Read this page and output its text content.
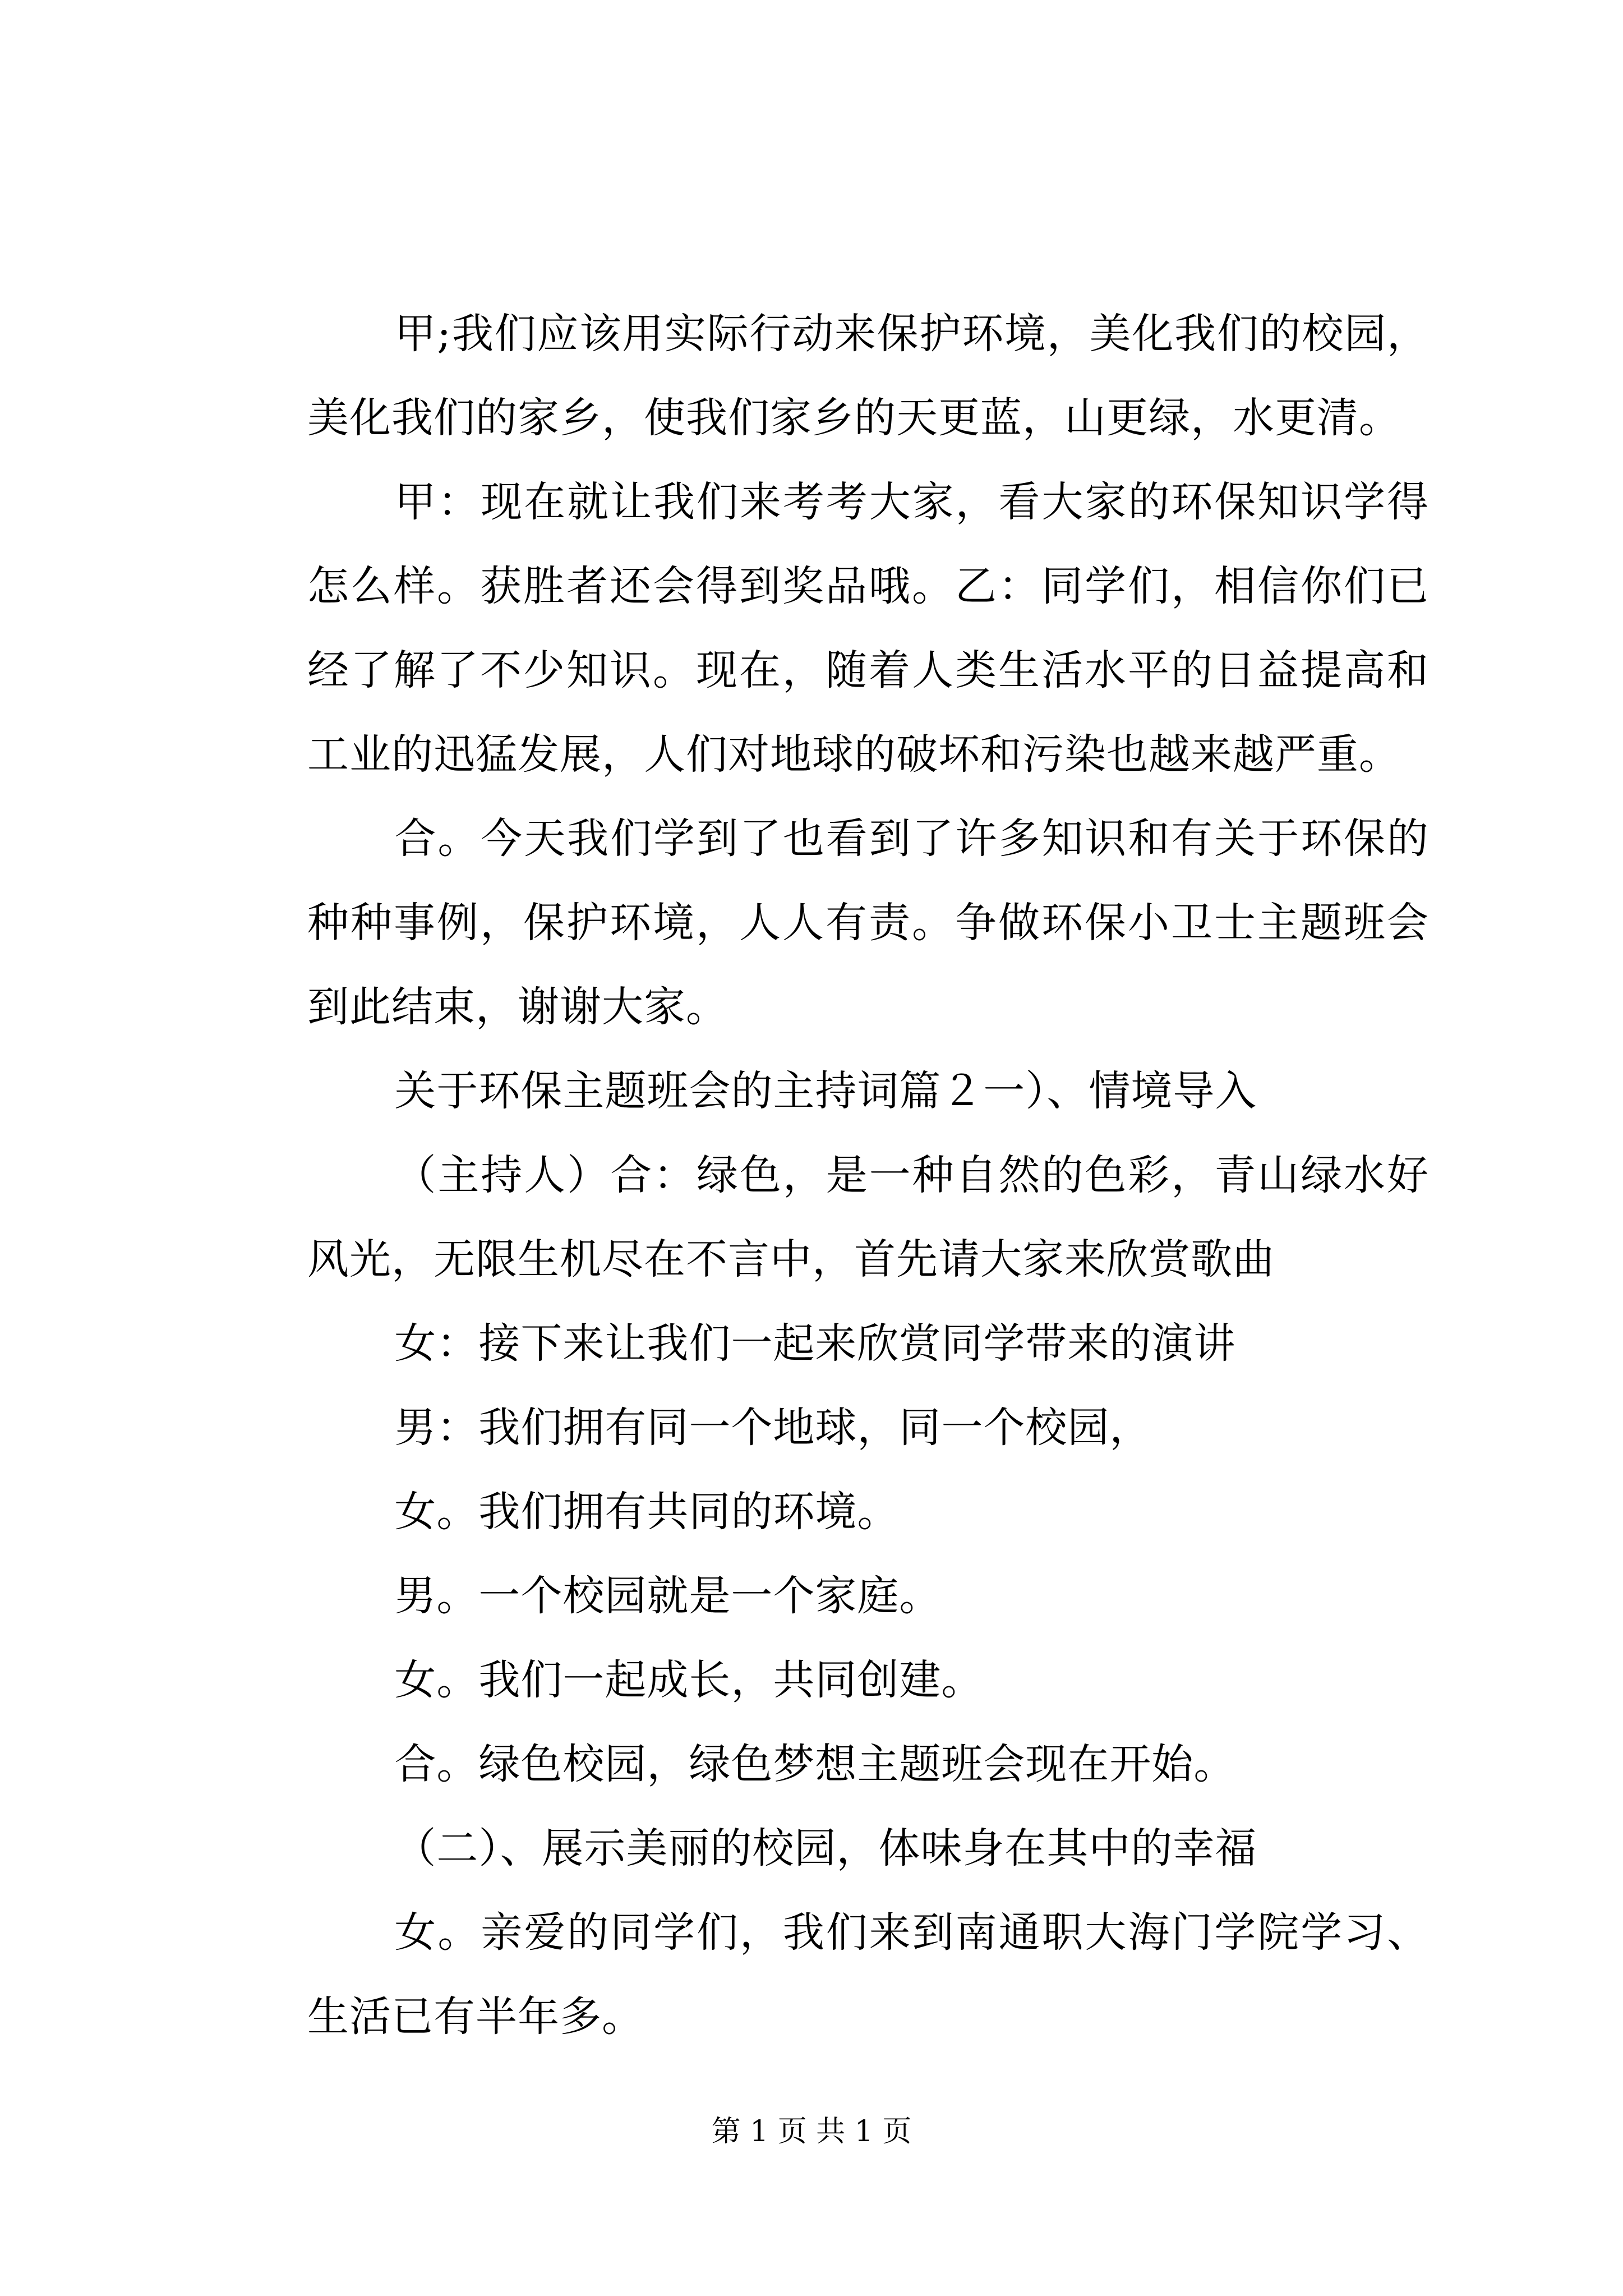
甲;我们应该用实际行动来保护环境，美化我们的校园，美化我们的家乡，使我们家乡的天更蓝，山更绿，水更清。

甲：现在就让我们来考考大家，看大家的环保知识学得怎么样。获胜者还会得到奖品哦。乙：同学们，相信你们已经了解了不少知识。现在，随着人类生活水平的日益提高和工业的迅猛发展，人们对地球的破坏和污染也越来越严重。

合。今天我们学到了也看到了许多知识和有关于环保的种种事例，保护环境，人人有责。争做环保小卫士主题班会到此结束，谢谢大家。

关于环保主题班会的主持词篇２一）、情境导入

（主持人）合：绿色，是一种自然的色彩，青山绿水好风光，无限生机尽在不言中，首先请大家来欣赏歌曲

女：接下来让我们一起来欣赏同学带来的演讲

男：我们拥有同一个地球，同一个校园，

女。我们拥有共同的环境。

男。一个校园就是一个家庭。

女。我们一起成长，共同创建。

合。绿色校园，绿色梦想主题班会现在开始。

（二）、展示美丽的校园，体味身在其中的幸福

女。亲爱的同学们，我们来到南通职大海门学院学习、生活已有半年多。

第 1 页 共 1 页
